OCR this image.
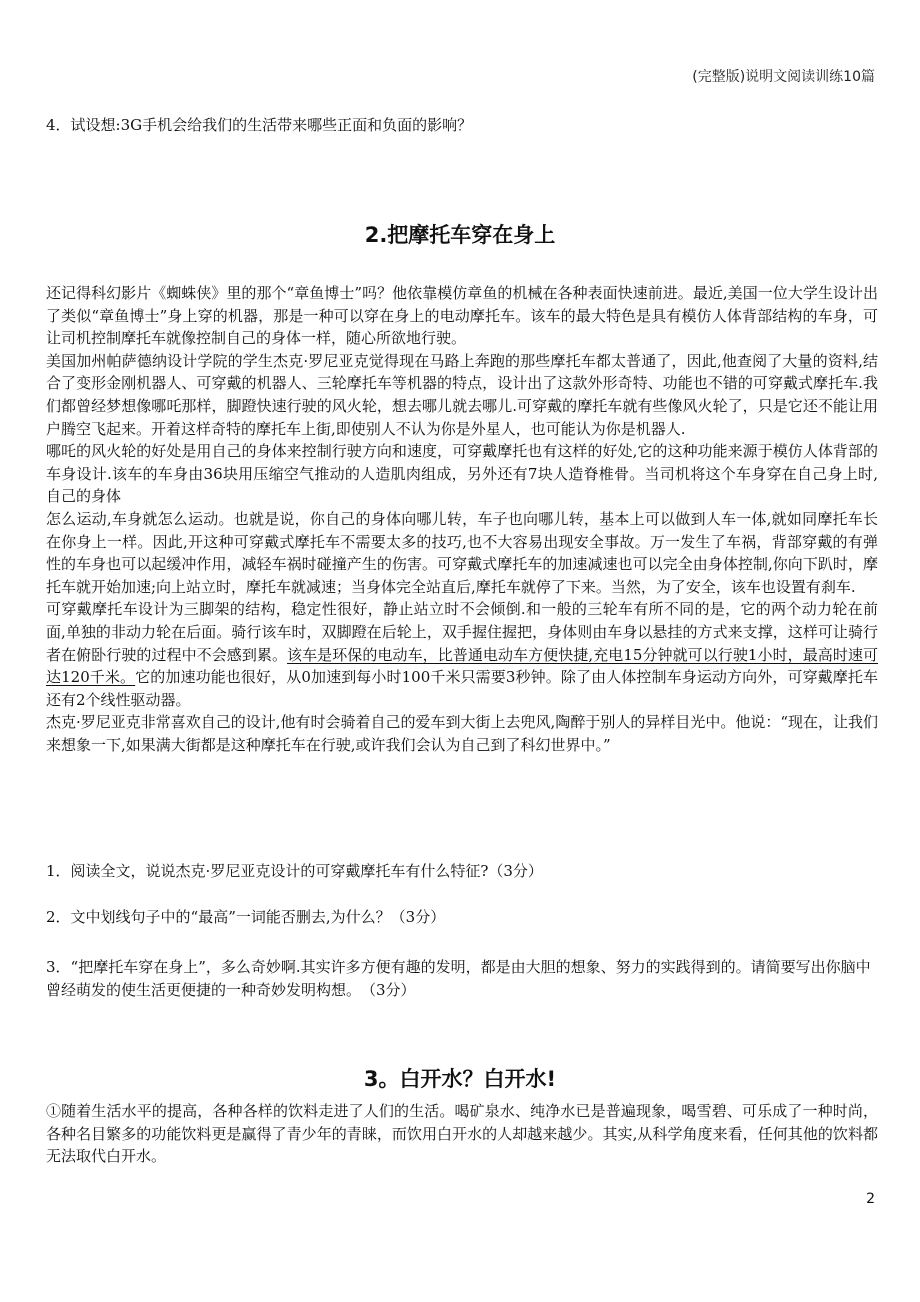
(完整版)说明文阅读训练10篇
4．试设想:3G手机会给我们的生活带来哪些正面和负面的影响？
2.把摩托车穿在身上

还记得科幻影片《蜘蛛侠》里的那个“章鱼博士”吗？他依靠模仿章鱼的机械在各种表面快速前进。最近,美国一位大学生设计出了类似“章鱼博士”身上穿的机器，那是一种可以穿在身上的电动摩托车。该车的最大特色是具有模仿人体背部结构的车身，可让司机控制摩托车就像控制自己的身体一样，随心所欲地行驶。

美国加州帕萨德纳设计学院的学生杰克·罗尼亚克觉得现在马路上奔跑的那些摩托车都太普通了，因此,他查阅了大量的资料,结合了变形金刚机器人、可穿戴的机器人、三轮摩托车等机器的特点，设计出了这款外形奇特、功能也不错的可穿戴式摩托车.我们都曾经梦想像哪吒那样，脚蹬快速行驶的风火轮，想去哪儿就去哪儿.可穿戴的摩托车就有些像风火轮了，只是它还不能让用户腾空飞起来。开着这样奇特的摩托车上街,即使别人不认为你是外星人，也可能认为你是机器人.

哪吒的风火轮的好处是用自己的身体来控制行驶方向和速度，可穿戴摩托也有这样的好处,它的这种功能来源于模仿人体背部的车身设计.该车的车身由36块用压缩空气推动的人造肌肉组成，另外还有7块人造脊椎骨。当司机将这个车身穿在自己身上时,自己的身体

怎么运动,车身就怎么运动。也就是说，你自己的身体向哪儿转，车子也向哪儿转，基本上可以做到人车一体,就如同摩托车长在你身上一样。因此,开这种可穿戴式摩托车不需要太多的技巧,也不大容易出现安全事故。万一发生了车祸，背部穿戴的有弹性的车身也可以起缓冲作用，减轻车祸时碰撞产生的伤害。可穿戴式摩托车的加速减速也可以完全由身体控制,你向下趴时，摩托车就开始加速;向上站立时，摩托车就减速；当身体完全站直后,摩托车就停了下来。当然，为了安全，该车也设置有刹车.

可穿戴摩托车设计为三脚架的结构，稳定性很好，静止站立时不会倾倒.和一般的三轮车有所不同的是，它的两个动力轮在前面,单独的非动力轮在后面。骑行该车时，双脚蹬在后轮上，双手握住握把，身体则由车身以悬挂的方式来支撑，这样可让骑行者在俯卧行驶的过程中不会感到累。该车是环保的电动车，比普通电动车方便快捷,充电15分钟就可以行驶1小时，最高时速可达120千米。它的加速功能也很好，从0加速到每小时100千米只需要3秒钟。除了由人体控制车身运动方向外，可穿戴摩托车还有2个线性驱动器。

杰克·罗尼亚克非常喜欢自己的设计,他有时会骑着自己的爱车到大街上去兜风,陶醉于别人的异样目光中。他说：“现在，让我们来想象一下,如果满大街都是这种摩托车在行驶,或许我们会认为自己到了科幻世界中。”

1．阅读全文，说说杰克·罗尼亚克设计的可穿戴摩托车有什么特征?（3分）
2．文中划线句子中的“最高”一词能否删去,为什么？（3分）
3．“把摩托车穿在身上”，多么奇妙啊.其实许多方便有趣的发明，都是由大胆的想象、努力的实践得到的。请简要写出你脑中曾经萌发的使生活更便捷的一种奇妙发明构想。　（3分）
3。白开水？白开水!

①随着生活水平的提高，各种各样的饮料走进了人们的生活。喝矿泉水、纯净水已是普遍现象，喝雪碧、可乐成了一种时尚，各种名目繁多的功能饮料更是赢得了青少年的青睐，而饮用白开水的人却越来越少。其实,从科学角度来看，任何其他的饮料都无法取代白开水。

2
